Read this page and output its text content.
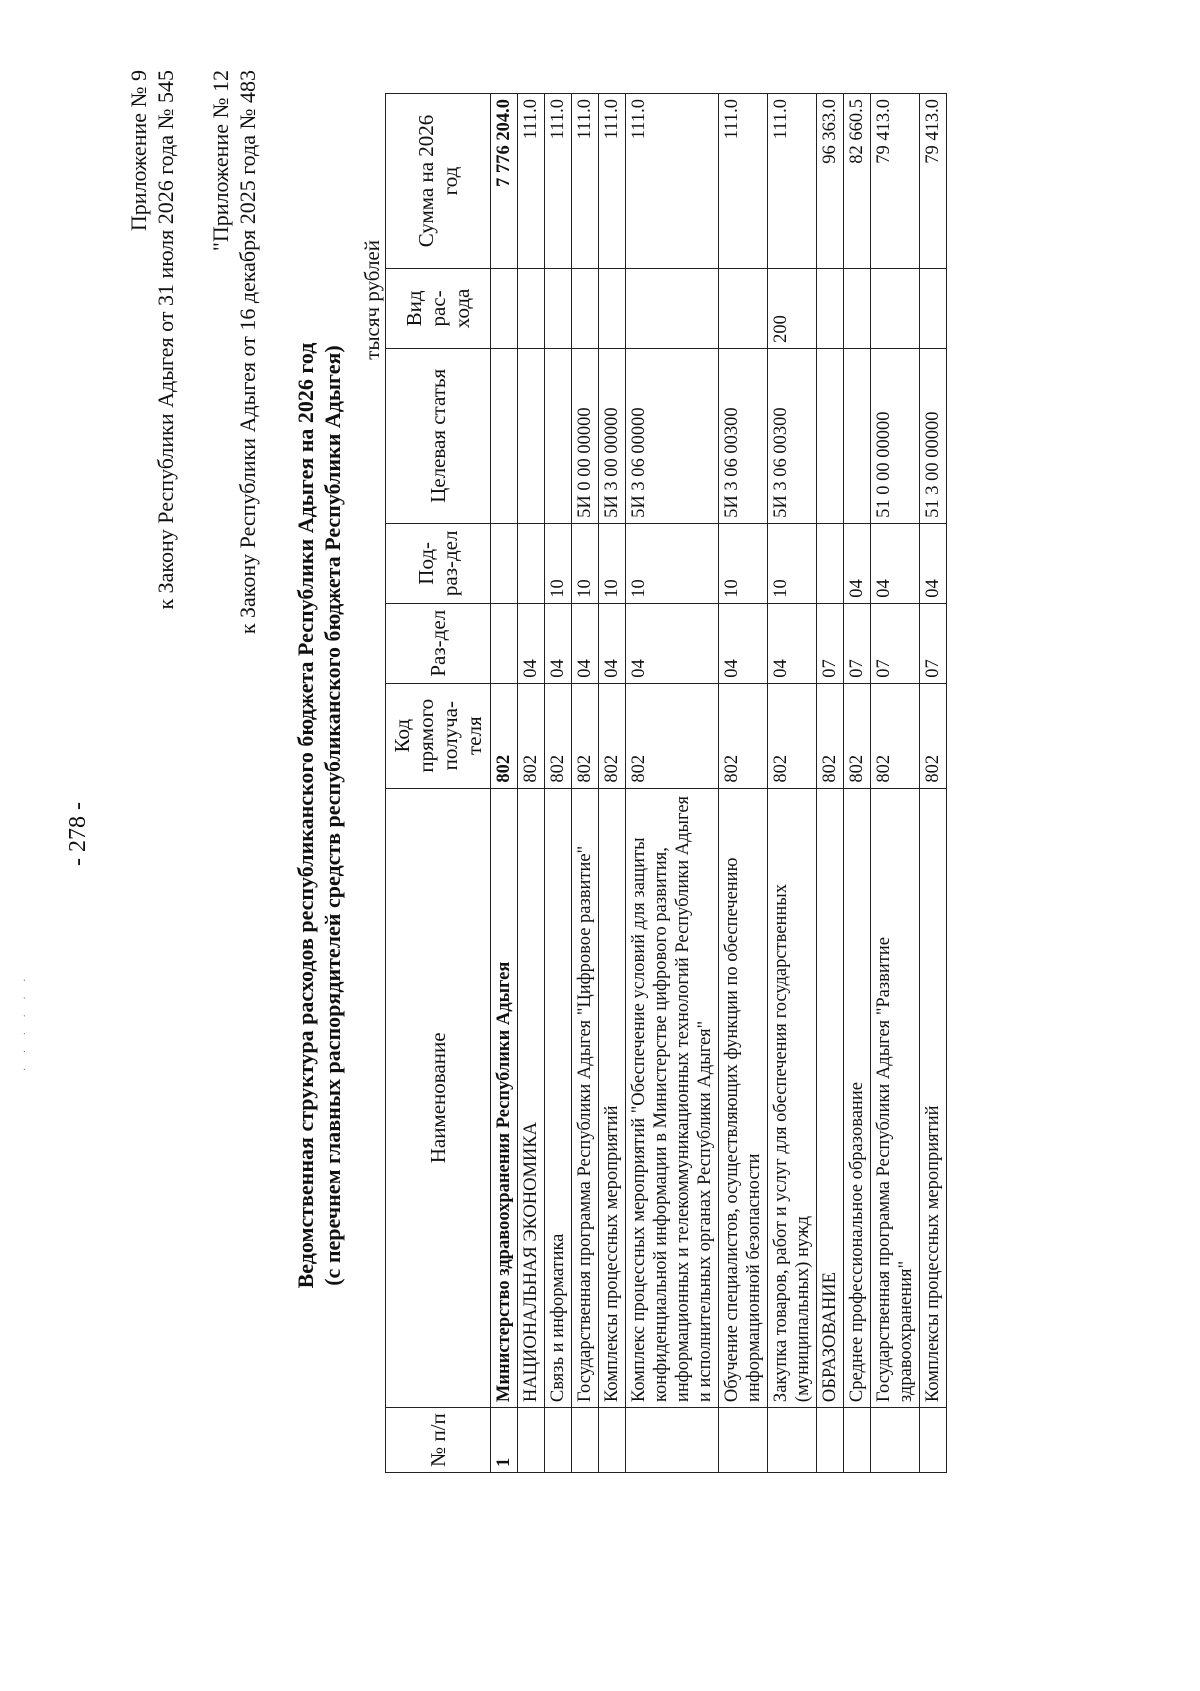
· · · · · ·
- 278 -
Приложение № 9 к Закону Республики Адыгея от 31 июля 2026 года № 545 "Приложение № 12 к Закону Республики Адыгея от 16 декабря 2025 года № 483 Ведомственная структура расходов республиканского бюджета Республики Адыгея на 2026 год (с перечнем главных распорядителей средств республиканского бюджета Республики Адыгея)
тысяч рублей
№ п/п	Наименование	Код прямого получа-теля	Раз-дел	Под-раз-дел	Целевая статья	Вид рас-хода	Сумма на 2026 год
1	Министерство здравоохранения Республики Адыгея	802					7 776 204.0
	НАЦИОНАЛЬНАЯ ЭКОНОМИКА	802	04				111.0
	Связь и информатика	802	04	10			111.0
	Государственная программа Республики Адыгея "Цифровое развитие"	802	04	10	5И 0 00 00000		111.0
	Комплексы процессных мероприятий	802	04	10	5И 3 00 00000		111.0
	Комплекс процессных мероприятий "Обеспечение условий для защиты конфиденциальной информации в Министерстве цифрового развития, информационных и телекоммуникационных технологий Республики Адыгея и исполнительных органах Республики Адыгея"	802	04	10	5И 3 06 00000		111.0
	Обучение специалистов, осуществляющих функции по обеспечению информационной безопасности	802	04	10	5И 3 06 00300		111.0
	Закупка товаров, работ и услуг для обеспечения государственных (муниципальных) нужд	802	04	10	5И 3 06 00300	200	111.0
	ОБРАЗОВАНИЕ	802	07				96 363.0
	Среднее профессиональное образование	802	07	04			82 660.5
	Государственная программа Республики Адыгея "Развитие здравоохранения"	802	07	04	51 0 00 00000		79 413.0
	Комплексы процессных мероприятий	802	07	04	51 3 00 00000		79 413.0
